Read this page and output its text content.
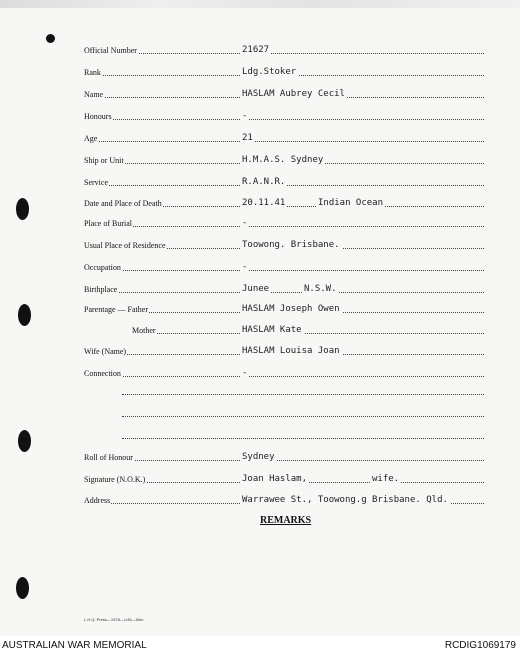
Official Number	21627
Rank	Ldg.Stoker
Name	HASLAM Aubrey Cecil
Honours	-
Age	21
Ship or Unit	H.M.A.S. Sydney
Service	R.A.N.R.
Date and Place of Death	20.11.41	Indian Ocean
Place of Burial	-
Usual Place of Residence	Toowong. Brisbane.
Occupation	-
Birthplace	Junee	N.S.W.
Parentage — Father	HASLAM Joseph Owen
Mother	HASLAM Kate
Wife (Name)	HASLAM Louisa Joan
Connection	-
Roll of Honour	Sydney
Signature (N.O.K.)	Joan Haslam,	wife.
Address	Warrawee St., Toowong.g Brisbane. Qld.
REMARKS
L.H.Q. Press—1978—1/45—50m.
AUSTRALIAN WAR MEMORIAL	RCDIG1069179
